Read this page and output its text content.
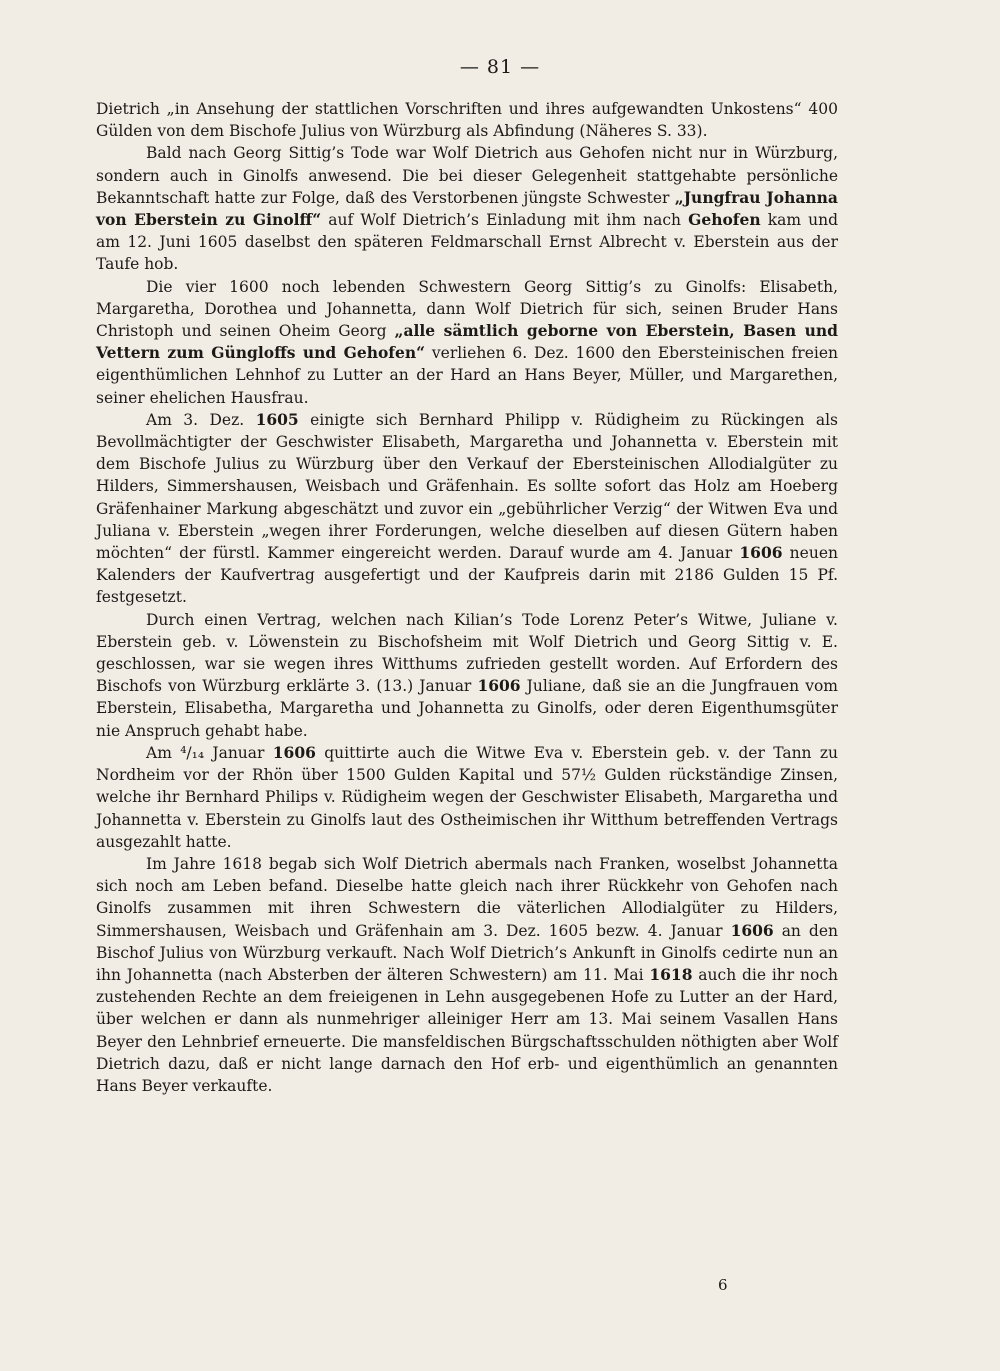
— 81 —

Dietrich „in Ansehung der stattlichen Vorschriften und ihres aufgewandten Unkostens“ 400 Gülden von dem Bischofe Julius von Würzburg als Abfindung (Näheres S. 33).

Bald nach Georg Sittig’s Tode war Wolf Dietrich aus Gehofen nicht nur in Würzburg, sondern auch in Ginolfs anwesend. Die bei dieser Gelegenheit stattgehabte persönliche Bekanntschaft hatte zur Folge, daß des Verstorbenen jüngste Schwester „Jungfrau Johanna von Eberstein zu Ginolff“ auf Wolf Dietrich’s Einladung mit ihm nach Gehofen kam und am 12. Juni 1605 daselbst den späteren Feldmarschall Ernst Albrecht v. Eberstein aus der Taufe hob.

Die vier 1600 noch lebenden Schwestern Georg Sittig’s zu Ginolfs: Elisabeth, Margaretha, Dorothea und Johannetta, dann Wolf Dietrich für sich, seinen Bruder Hans Christoph und seinen Oheim Georg „alle sämtlich geborne von Eberstein, Basen und Vettern zum Güngloffs und Gehofen“ verliehen 6. Dez. 1600 den Ebersteinischen freien eigenthümlichen Lehnhof zu Lutter an der Hard an Hans Beyer, Müller, und Margarethen, seiner ehelichen Hausfrau.

Am 3. Dez. 1605 einigte sich Bernhard Philipp v. Rüdigheim zu Rückingen als Bevollmächtigter der Geschwister Elisabeth, Margaretha und Johannetta v. Eberstein mit dem Bischofe Julius zu Würzburg über den Verkauf der Ebersteinischen Allodialgüter zu Hilders, Simmershausen, Weisbach und Gräfenhain. Es sollte sofort das Holz am Hoeberg Gräfenhainer Markung abgeschätzt und zuvor ein „gebührlicher Verzig“ der Witwen Eva und Juliana v. Eberstein „wegen ihrer Forderungen, welche dieselben auf diesen Gütern haben möchten“ der fürstl. Kammer eingereicht werden. Darauf wurde am 4. Januar 1606 neuen Kalenders der Kaufvertrag ausgefertigt und der Kaufpreis darin mit 2186 Gulden 15 Pf. festgesetzt.

Durch einen Vertrag, welchen nach Kilian’s Tode Lorenz Peter’s Witwe, Juliane v. Eberstein geb. v. Löwenstein zu Bischofsheim mit Wolf Dietrich und Georg Sittig v. E. geschlossen, war sie wegen ihres Witthums zufrieden gestellt worden. Auf Erfordern des Bischofs von Würzburg erklärte 3. (13.) Januar 1606 Juliane, daß sie an die Jungfrauen vom Eberstein, Elisabetha, Margaretha und Johannetta zu Ginolfs, oder deren Eigenthumsgüter nie Anspruch gehabt habe.

Am ⁴/₁₄ Januar 1606 quittirte auch die Witwe Eva v. Eberstein geb. v. der Tann zu Nordheim vor der Rhön über 1500 Gulden Kapital und 57½ Gulden rückständige Zinsen, welche ihr Bernhard Philips v. Rüdigheim wegen der Geschwister Elisabeth, Margaretha und Johannetta v. Eberstein zu Ginolfs laut des Ostheimischen ihr Witthum betreffenden Vertrags ausgezahlt hatte.

Im Jahre 1618 begab sich Wolf Dietrich abermals nach Franken, woselbst Johannetta sich noch am Leben befand. Dieselbe hatte gleich nach ihrer Rückkehr von Gehofen nach Ginolfs zusammen mit ihren Schwestern die väterlichen Allodialgüter zu Hilders, Simmershausen, Weisbach und Gräfenhain am 3. Dez. 1605 bezw. 4. Januar 1606 an den Bischof Julius von Würzburg verkauft. Nach Wolf Dietrich’s Ankunft in Ginolfs cedirte nun an ihn Johannetta (nach Absterben der älteren Schwestern) am 11. Mai 1618 auch die ihr noch zustehenden Rechte an dem freieigenen in Lehn ausgegebenen Hofe zu Lutter an der Hard, über welchen er dann als nunmehriger alleiniger Herr am 13. Mai seinem Vasallen Hans Beyer den Lehnbrief erneuerte. Die mansfeldischen Bürgschaftsschulden nöthigten aber Wolf Dietrich dazu, daß er nicht lange darnach den Hof erb- und eigenthümlich an genannten Hans Beyer verkaufte.

6
